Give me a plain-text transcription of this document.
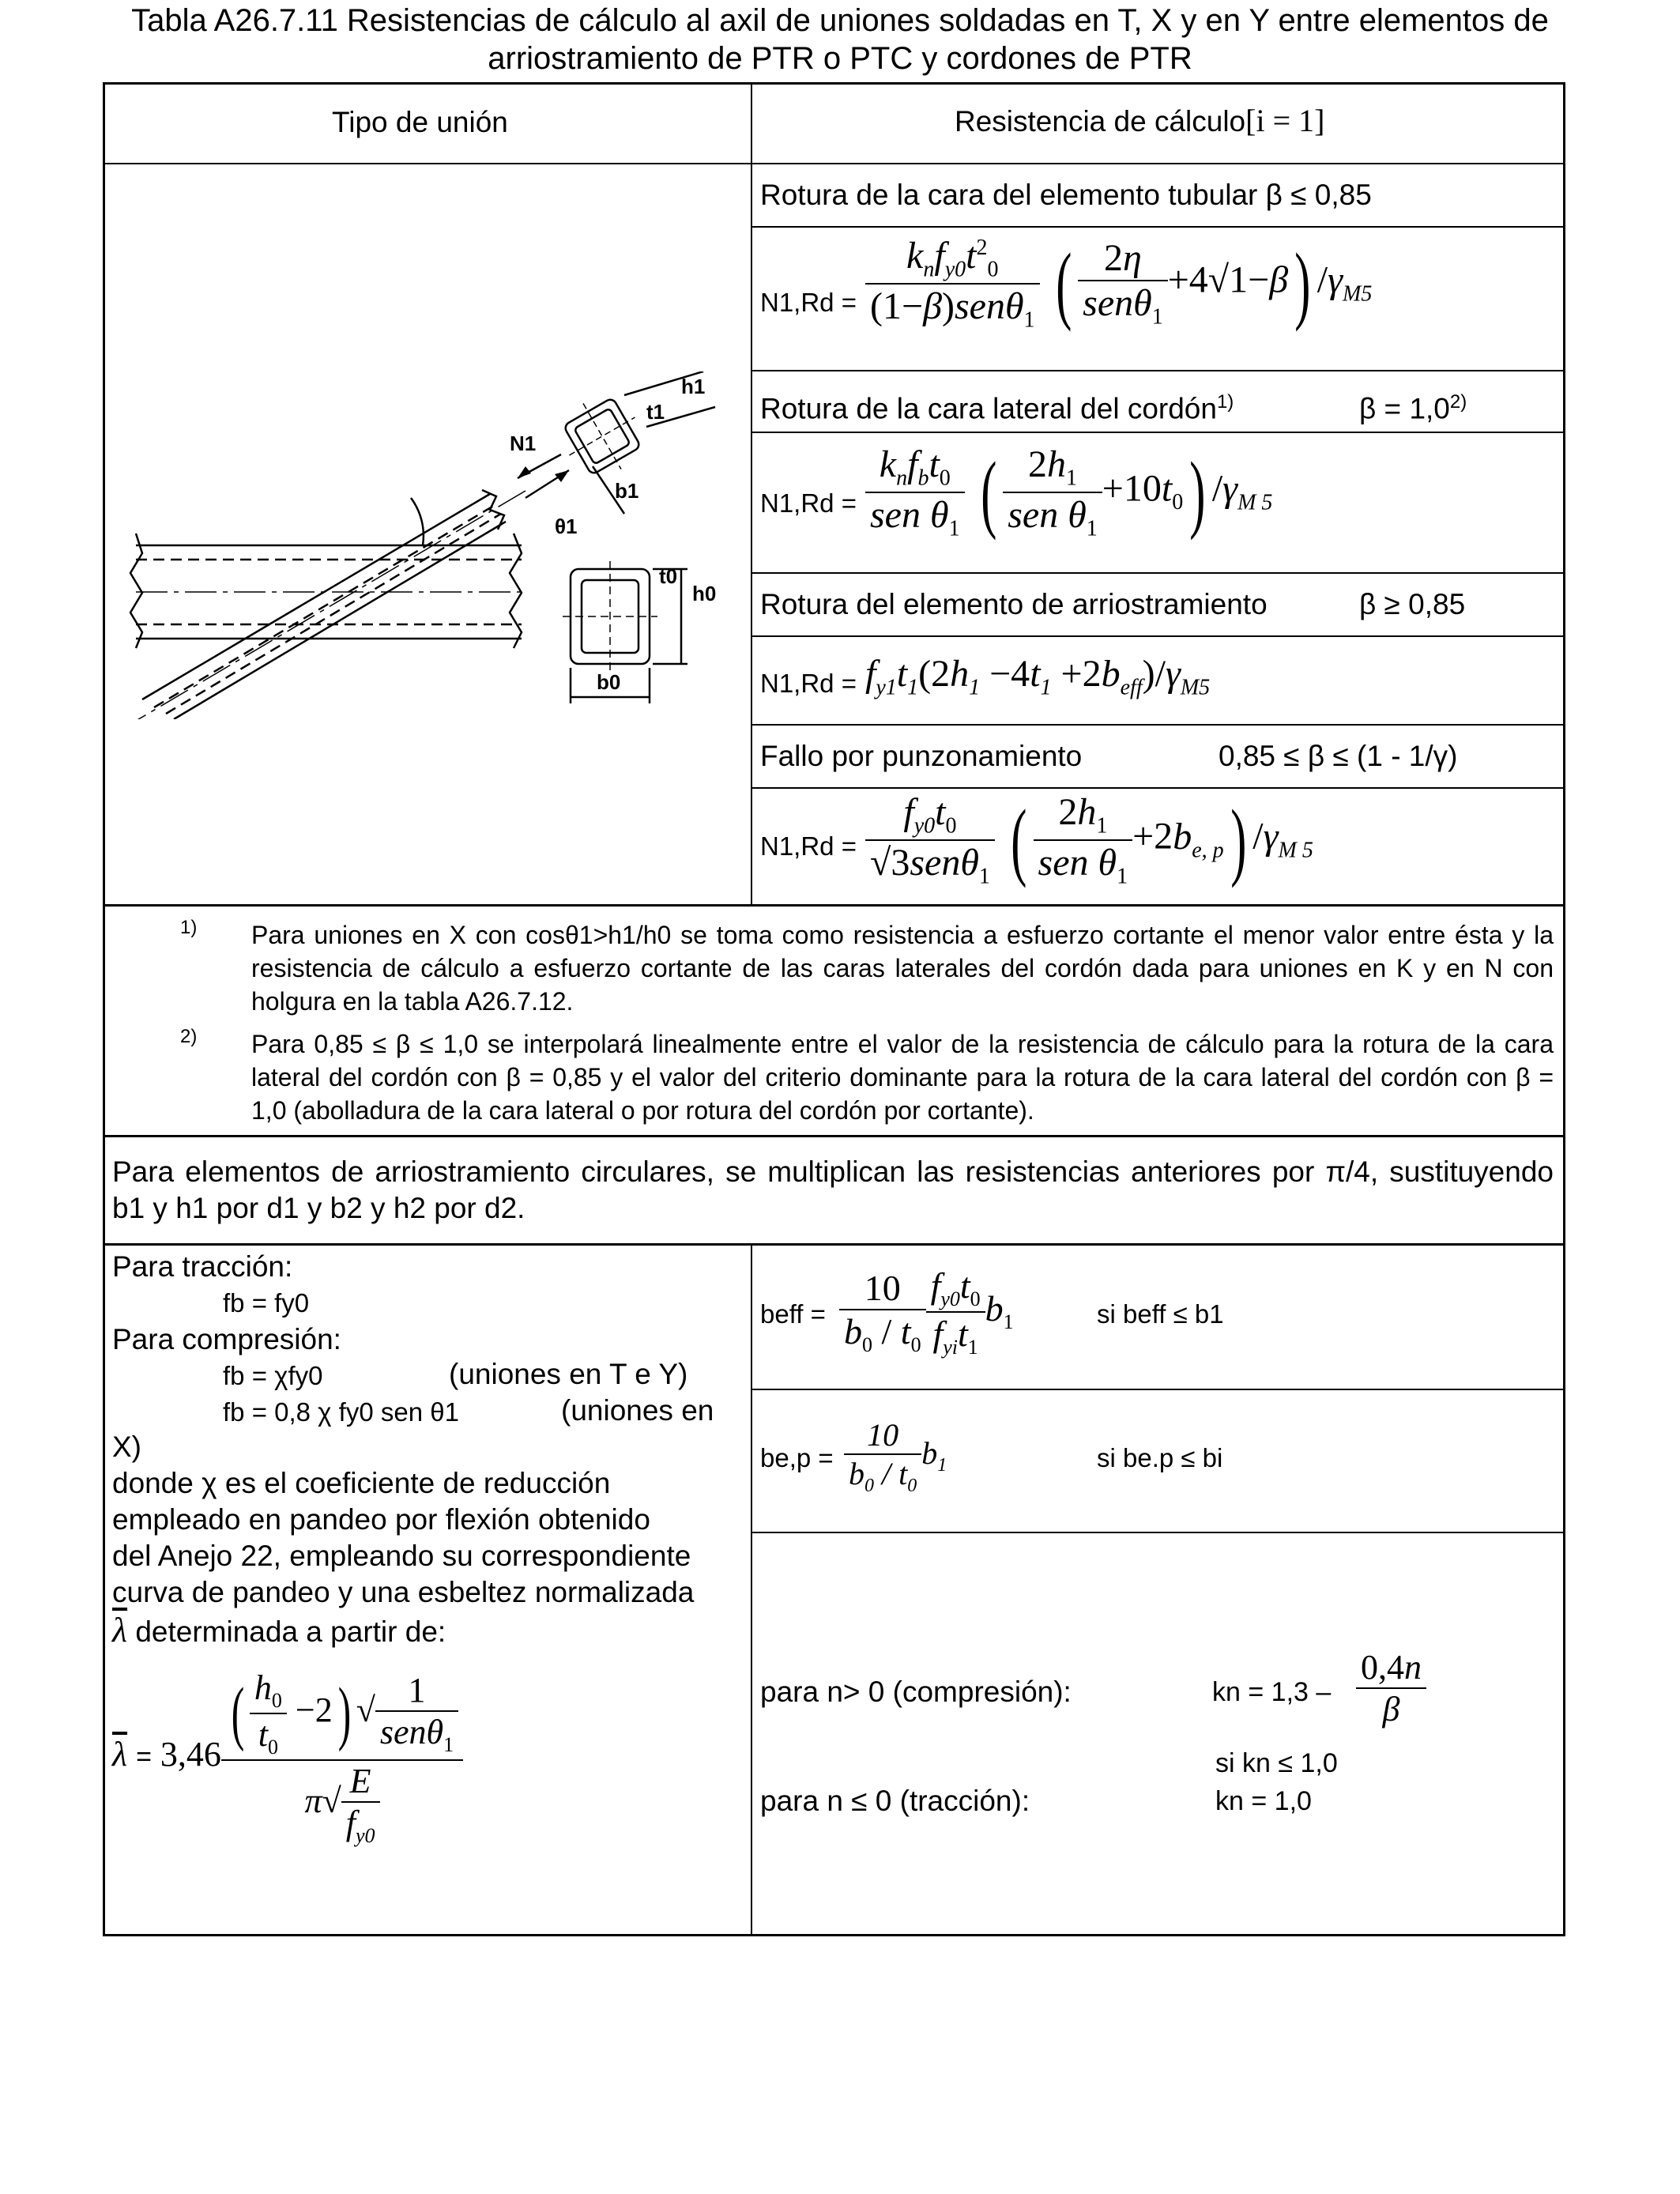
Tabla A26.7.11 Resistencias de cálculo al axil de uniones soldadas en T, X y en Y entre elementos de arriostramiento de PTR o PTC y cordones de PTR
Tipo de unión	Resistencia de cálculo[i = 1]
N1
θ1
t1
h1
b1
t0
h0
b0
Rotura de la cara del elemento tubular β ≤ 0,85
$N1,Rd = \frac{k_nf_{y0}t^2_0}{(1-\beta)sen\theta_1}$ ( $\frac{2\eta}{sen\theta_1} +4√1-\beta$) $/\gamma_{M5}$
Rotura de la cara lateral del cordón$^{1)}$	$\beta = 1,0^{2)}$
$N1,Rd = \frac{k_nf_bt_0}{sen \theta_1}$ ( $\frac{2h_1}{sen \theta_1} +10t_0$) $/\gamma_{M 5}$
Rotura del elemento de arriostramiento	β ≥ 0,85
$N1,Rd = f_{y1}t_1(2h_1 -4t_1 +2b_{eff})/\gamma_{M5}$
Fallo por punzonamiento	0,85 ≤ β ≤ (1 - 1/γ)
$N1,Rd = \frac{f_{y0}t_0}{√3sen\theta_1}$ ( $\frac{2h_1}{sen \theta_1} +2b_{e, p}$) $/\gamma_{M 5}$
1) Para uniones en X con cosθ1>h1/h0 se toma como resistencia a esfuerzo cortante el menor valor entre ésta y la resistencia de cálculo a esfuerzo cortante de las caras laterales del cordón dada para uniones en K y en N con holgura en la tabla A26.7.12.
2) Para 0,85 ≤ β ≤ 1,0 se interpolará linealmente entre el valor de la resistencia de cálculo para la rotura de la cara lateral del cordón con β = 0,85 y el valor del criterio dominante para la rotura de la cara lateral del cordón con β = 1,0 (abolladura de la cara lateral o por rotura del cordón por cortante).
Para elementos de arriostramiento circulares, se multiplican las resistencias anteriores por π/4, sustituyendo b1 y h1 por d1 y b2 y h2 por d2.
Para tracción:
fb = fy0
Para compresión:
fb = χfy0	(uniones en T e Y)
fb = 0,8 χ fy0 sen θ1	(uniones en
X)
donde χ es el coeficiente de reducción
empleado en pandeo por flexión obtenido
del Anejo 22, empleando su correspondiente
curva de pandeo y una esbeltez normalizada
$\overline{\lambda}$ determinada a partir de:
$\overline{\lambda} = 3,46 \frac{( \frac{h_0}{t_0} -2) √ \frac{1}{sen\theta_1}}{\pi√ \frac{E}{f_{y0}}}$
beff = $\frac{10}{b_0 / t_0} \frac{f_{y0}t_0}{f_{yi}t_1} b_1$	si beff ≤ b1
$be,p = \frac{10}{b_0 / t_0} b_1$	si be.p ≤ bi
para n> 0 (compresión):	kn = $1,3 - \frac{0,4n}{\beta}$
si kn ≤ 1,0
para n ≤ 0 (tracción):	kn = 1,0
